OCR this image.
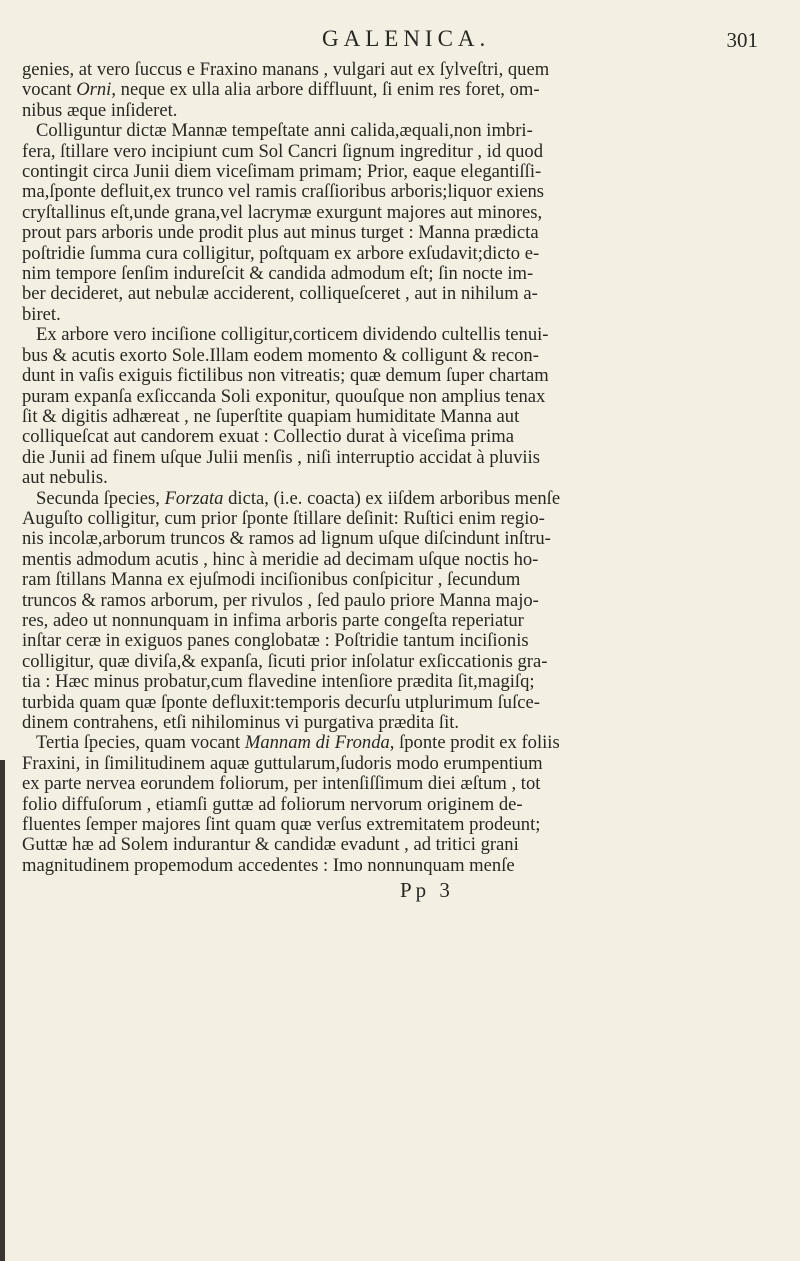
GALENICA.	301

genies, at vero ſuccus e Fraxino manans , vulgari aut ex ſylveſtri, quem
vocant Orni, neque ex ulla alia arbore diffluunt, ſi enim res foret, om-
nibus æque inſideret.

Colliguntur dictæ Mannæ tempeſtate anni calida,æquali,non imbri-
fera, ſtillare vero incipiunt cum Sol Cancri ſignum ingreditur , id quod
contingit circa Junii diem viceſimam primam; Prior, eaque elegantiſſi-
ma,ſponte defluit,ex trunco vel ramis craſſioribus arboris;liquor exiens
cryſtallinus eſt,unde grana,vel lacrymæ exurgunt majores aut minores,
prout pars arboris unde prodit plus aut minus turget : Manna prædicta
poſtridie ſumma cura colligitur, poſtquam ex arbore exſudavit;dicto e-
nim tempore ſenſim indureſcit & candida admodum eſt; ſin nocte im-
ber decideret, aut nebulæ acciderent, colliqueſceret , aut in nihilum a-
biret.

Ex arbore vero inciſione colligitur,corticem dividendo cultellis tenui-
bus & acutis exorto Sole.Illam eodem momento & colligunt & recon-
dunt in vaſis exiguis fictilibus non vitreatis; quæ demum ſuper chartam
puram expanſa exſiccanda Soli exponitur, quouſque non amplius tenax
ſit & digitis adhæreat , ne ſuperſtite quapiam humiditate Manna aut
colliqueſcat aut candorem exuat : Collectio durat à viceſima prima
die Junii ad finem uſque Julii menſis , niſi interruptio accidat à pluviis
aut nebulis.

Secunda ſpecies, Forzata dicta, (i.e. coacta) ex iiſdem arboribus menſe
Auguſto colligitur, cum prior ſponte ſtillare deſinit: Ruſtici enim regio-
nis incolæ,arborum truncos & ramos ad lignum uſque diſcindunt inſtru-
mentis admodum acutis , hinc à meridie ad decimam uſque noctis ho-
ram ſtillans Manna ex ejuſmodi inciſionibus conſpicitur , ſecundum
truncos & ramos arborum, per rivulos , ſed paulo priore Manna majo-
res, adeo ut nonnunquam in infima arboris parte congeſta reperiatur
inſtar ceræ in exiguos panes conglobatæ : Poſtridie tantum inciſionis
colligitur, quæ diviſa,& expanſa, ſicuti prior inſolatur exſiccationis gra-
tia : Hæc minus probatur,cum flavedine intenſiore prædita ſit,magiſq;
turbida quam quæ ſponte defluxit:temporis decurſu utplurimum ſuſce-
dinem contrahens, etſi nihilominus vi purgativa prædita ſit.

Tertia ſpecies, quam vocant Mannam di Fronda, ſponte prodit ex foliis
Fraxini, in ſimilitudinem aquæ guttularum,ſudoris modo erumpentium
ex parte nervea eorundem foliorum, per intenſiſſimum diei æſtum , tot
folio diffuſorum , etiamſi guttæ ad foliorum nervorum originem de-
fluentes ſemper majores ſint quam quæ verſus extremitatem prodeunt;
Guttæ hæ ad Solem indurantur & candidæ evadunt , ad tritici grani
magnitudinem propemodum accedentes : Imo nonnunquam menſe

Pp 3
